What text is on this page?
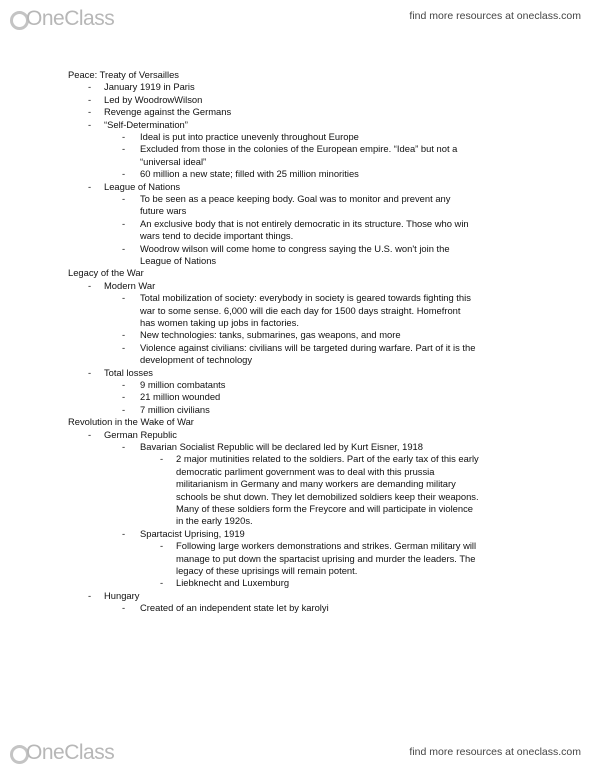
OneClass	find more resources at oneclass.com
Peace: Treaty of Versailles
- January 1919 in Paris
- Led by WoodrowWilson
- Revenge against the Germans
- “Self-Determination”
- Ideal is put into practice unevenly throughout Europe
- Excluded from those in the colonies of the European empire. “Idea” but not a
“universal ideal”
- 60 million a new state; filled with 25 million minorities
- League of Nations
- To be seen as a peace keeping body. Goal was to monitor and prevent any
future wars
- An exclusive body that is not entirely democratic in its structure. Those who win
wars tend to decide important things.
- Woodrow wilson will come home to congress saying the U.S. won't join the
League of Nations
Legacy of the War
- Modern War
- Total mobilization of society: everybody in society is geared towards fighting this
war to some sense. 6,000 will die each day for 1500 days straight. Homefront
has women taking up jobs in factories.
- New technologies: tanks, submarines, gas weapons, and more
- Violence against civilians: civilians will be targeted during warfare. Part of it is the
development of technology
- Total losses
- 9 million combatants
- 21 million wounded
- 7 million civilians
Revolution in the Wake of War
- German Republic
- Bavarian Socialist Republic will be declared led by Kurt Eisner, 1918
- 2 major mutinities related to the soldiers. Part of the early tax of this early
democratic parliment government was to deal with this prussia
militarianism in Germany and many workers are demanding military
schools be shut down. They let demobilized soldiers keep their weapons.
Many of these soldiers form the Freycore and will participate in violence
in the early 1920s.
- Spartacist Uprising, 1919
- Following large workers demonstrations and strikes. German military will
manage to put down the spartacist uprising and murder the leaders. The
legacy of these uprisings will remain potent.
- Liebknecht and Luxemburg
- Hungary
- Created of an independent state let by karolyi
OneClass	find more resources at oneclass.com
